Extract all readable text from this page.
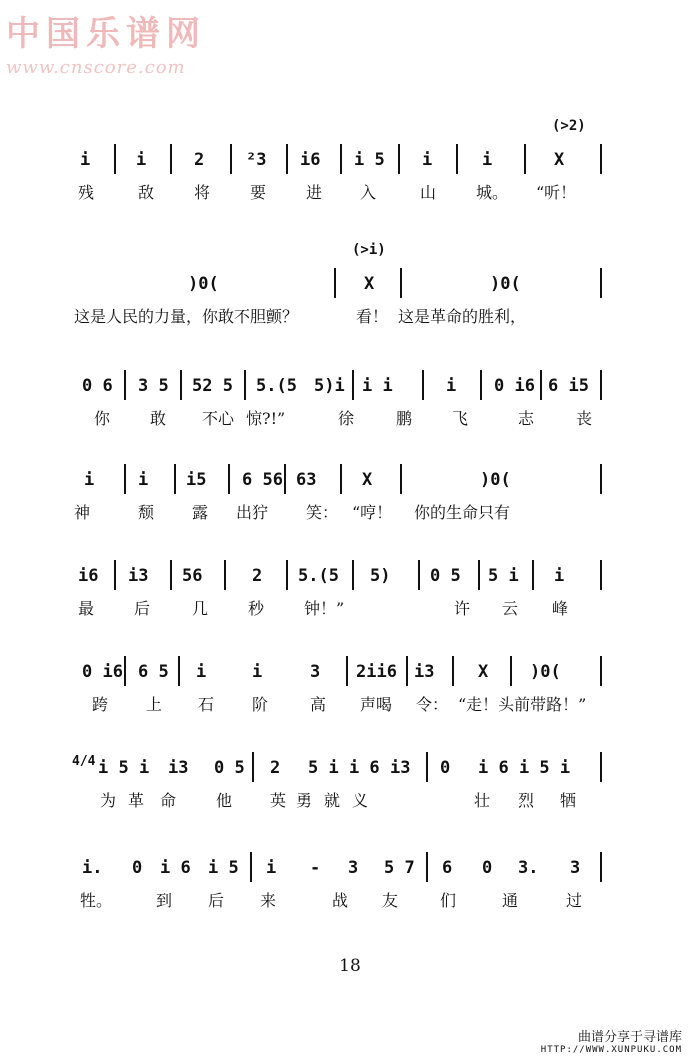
中国乐谱网
www.cnscore.com
(>2)
i	i	2 ²3 i6 i 5 i	i	X
残	敌 将 要 进 入	山 城。 “听！
(>i)
)0(	X	)0(
这是人民的力量，你敢不胆颤？	看！ 这是革命的胜利，
0 6 3 5 52 5 5.(5 5)i i i	i 0 i6 6 i5
你 敢 不心 惊?!”	徐	鹏 飞	志	丧
i	i i5 6 56 63	X	)0(
神	颓 露 出狞 笑： “哼！ 你的生命只有
i6 i3 56	2 5.(5 5) 0 5 5 i i
最 后	几 秒 钟！”	许 云 峰
0 i6 6 5 i	i	3 2ii6 i3	X )0(
跨 上 石 阶	高 声喝 令： “走！头前带路！”
4/4 i 5 i i3 0 5 2 5 i i 6 i3 0 i 6 i 5 i
为 革 命 他 英 勇 就 义	壮 烈 牺
i. 0 i 6 i 5 i - 3 5 7 6 0 3. 3
牲。	到 后 来	战 友	们	通	过
18
曲谱分享于寻谱库
HTTP://WWW.XUNPUKU.COM
